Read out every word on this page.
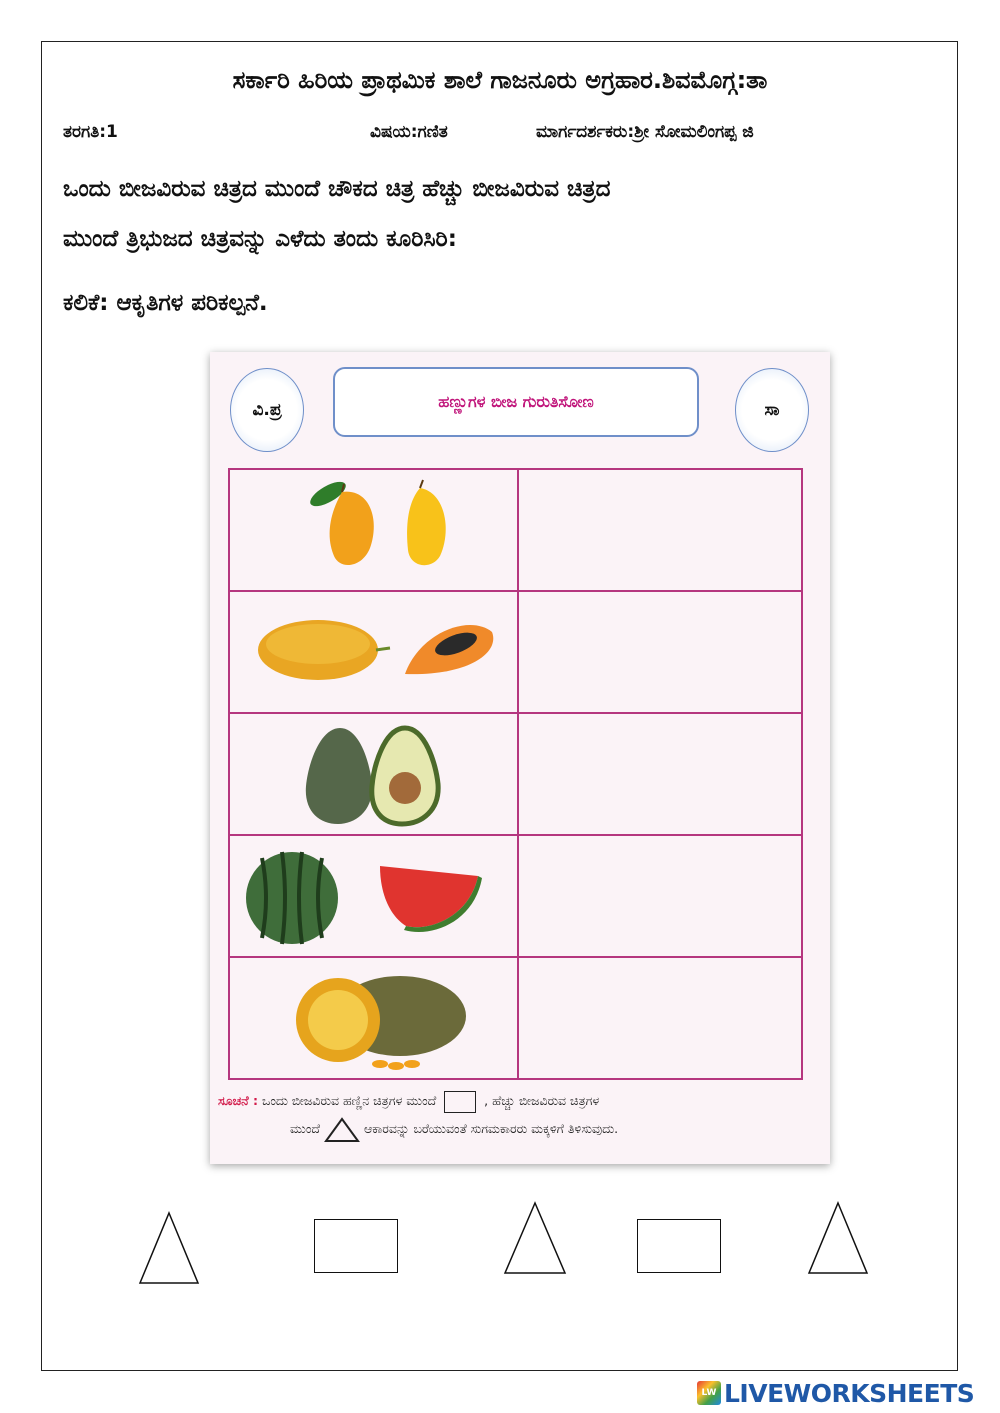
ಸರ್ಕಾರಿ ಹಿರಿಯ ಪ್ರಾಥಮಿಕ ಶಾಲೆ ಗಾಜನೂರು ಅಗ್ರಹಾರ.ಶಿವಮೊಗ್ಗ:ತಾ
ತರಗತಿ:1	ವಿಷಯ:ಗಣಿತ	ಮಾರ್ಗದರ್ಶಕರು:ಶ್ರೀ ಸೋಮಲಿಂಗಪ್ಪ ಜಿ
ಒಂದು ಬೀಜವಿರುವ ಚಿತ್ರದ ಮುಂದೆ ಚೌಕದ ಚಿತ್ರ ಹೆಚ್ಚು ಬೀಜವಿರುವ ಚಿತ್ರದ
ಮುಂದೆ ತ್ರಿಭುಜದ ಚಿತ್ರವನ್ನು ಎಳೆದು ತಂದು ಕೂರಿಸಿರಿ:
ಕಲಿಕೆ: ಆಕೃತಿಗಳ ಪರಿಕಲ್ಪನೆ.
ವಿ.ಪ್ರ	ಹಣ್ಣುಗಳ ಬೀಜ ಗುರುತಿಸೋಣ	ಸಾ
ಸೂಚನೆ : ಒಂದು ಬೀಜವಿರುವ ಹಣ್ಣಿನ ಚಿತ್ರಗಳ ಮುಂದೆ	, ಹೆಚ್ಚು ಬೀಜವಿರುವ ಚಿತ್ರಗಳ
ಮುಂದೆ	ಆಕಾರವನ್ನು ಬರೆಯುವಂತೆ ಸುಗಮಕಾರರು ಮಕ್ಕಳಿಗೆ ತಿಳಿಸುವುದು.
LW LIVEWORKSHEETS
